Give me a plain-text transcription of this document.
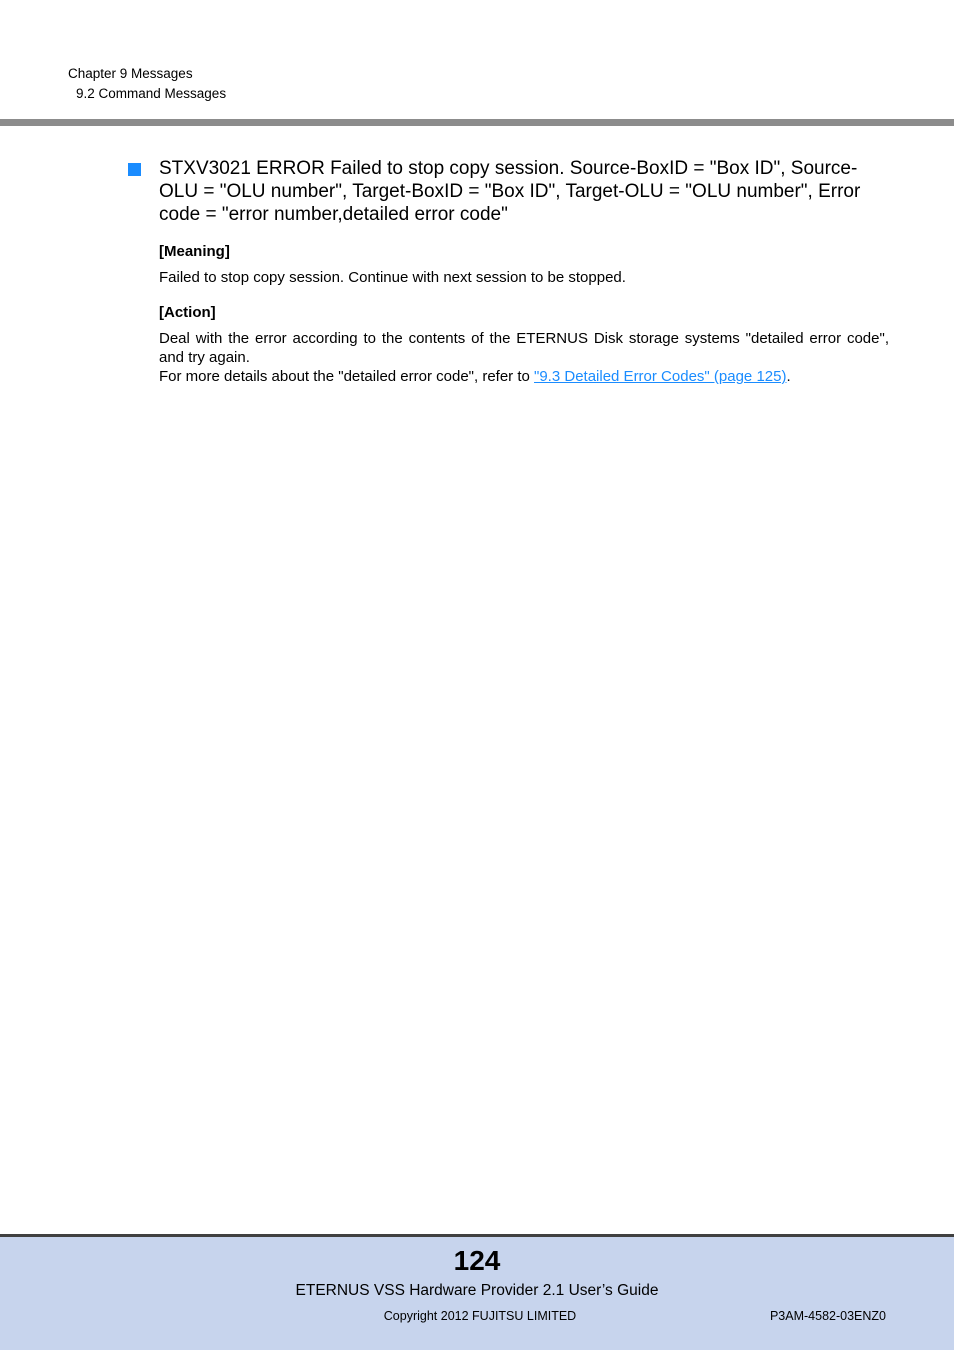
Chapter 9 Messages
9.2 Command Messages

STXV3021 ERROR Failed to stop copy session. Source-BoxID = "Box ID", Source-OLU = "OLU number", Target-BoxID = "Box ID", Target-OLU = "OLU number", Error code = "error number,detailed error code"

[Meaning]

Failed to stop copy session. Continue with next session to be stopped.

[Action]

Deal with the error according to the contents of the ETERNUS Disk storage systems "detailed error code", and try again.

For more details about the "detailed error code", refer to "9.3 Detailed Error Codes" (page 125).

124
ETERNUS VSS Hardware Provider 2.1 User’s Guide
Copyright 2012 FUJITSU LIMITED	P3AM-4582-03ENZ0
